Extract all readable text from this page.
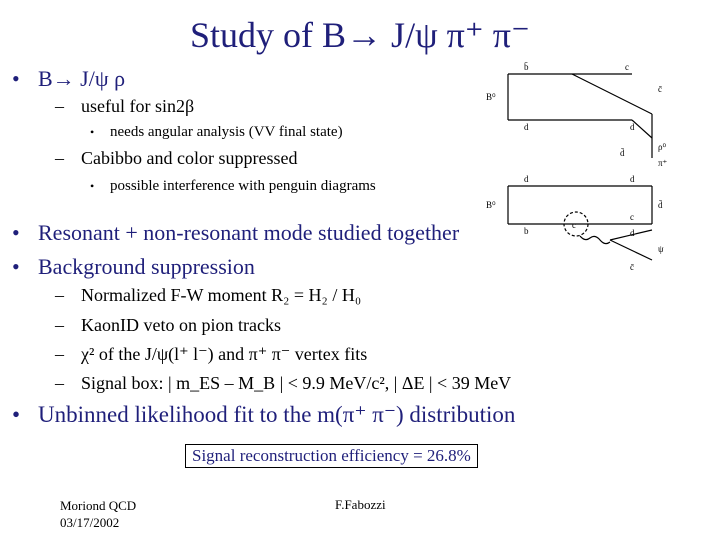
Study of B→ J/ψ π⁺ π⁻
• B→ J/ψ ρ
– useful for sin2β
• needs angular analysis (VV final state)
– Cabibbo and color suppressed
• possible interference with penguin diagrams
• Resonant + non-resonant mode studied together
• Background suppression
– Normalized F-W moment R₂ = H₂ / H₀
– KaonID veto on pion tracks
– χ² of the J/ψ(l⁺ l⁻) and π⁺ π⁻ vertex fits
– Signal box: | m_ES – M_B | < 9.9 MeV/c², | ΔE | < 39 MeV
• Unbinned likelihood fit to the m(π⁺ π⁻) distribution
Signal reconstruction efficiency = 26.8%
Moriond QCD
03/17/2002
F.Fabozzi
b̄	c
B⁰
c̄
d	d
d̄
ρ⁰
π⁺
d	d
B⁰
b
d̄
c
d
c̄
ψ
c
